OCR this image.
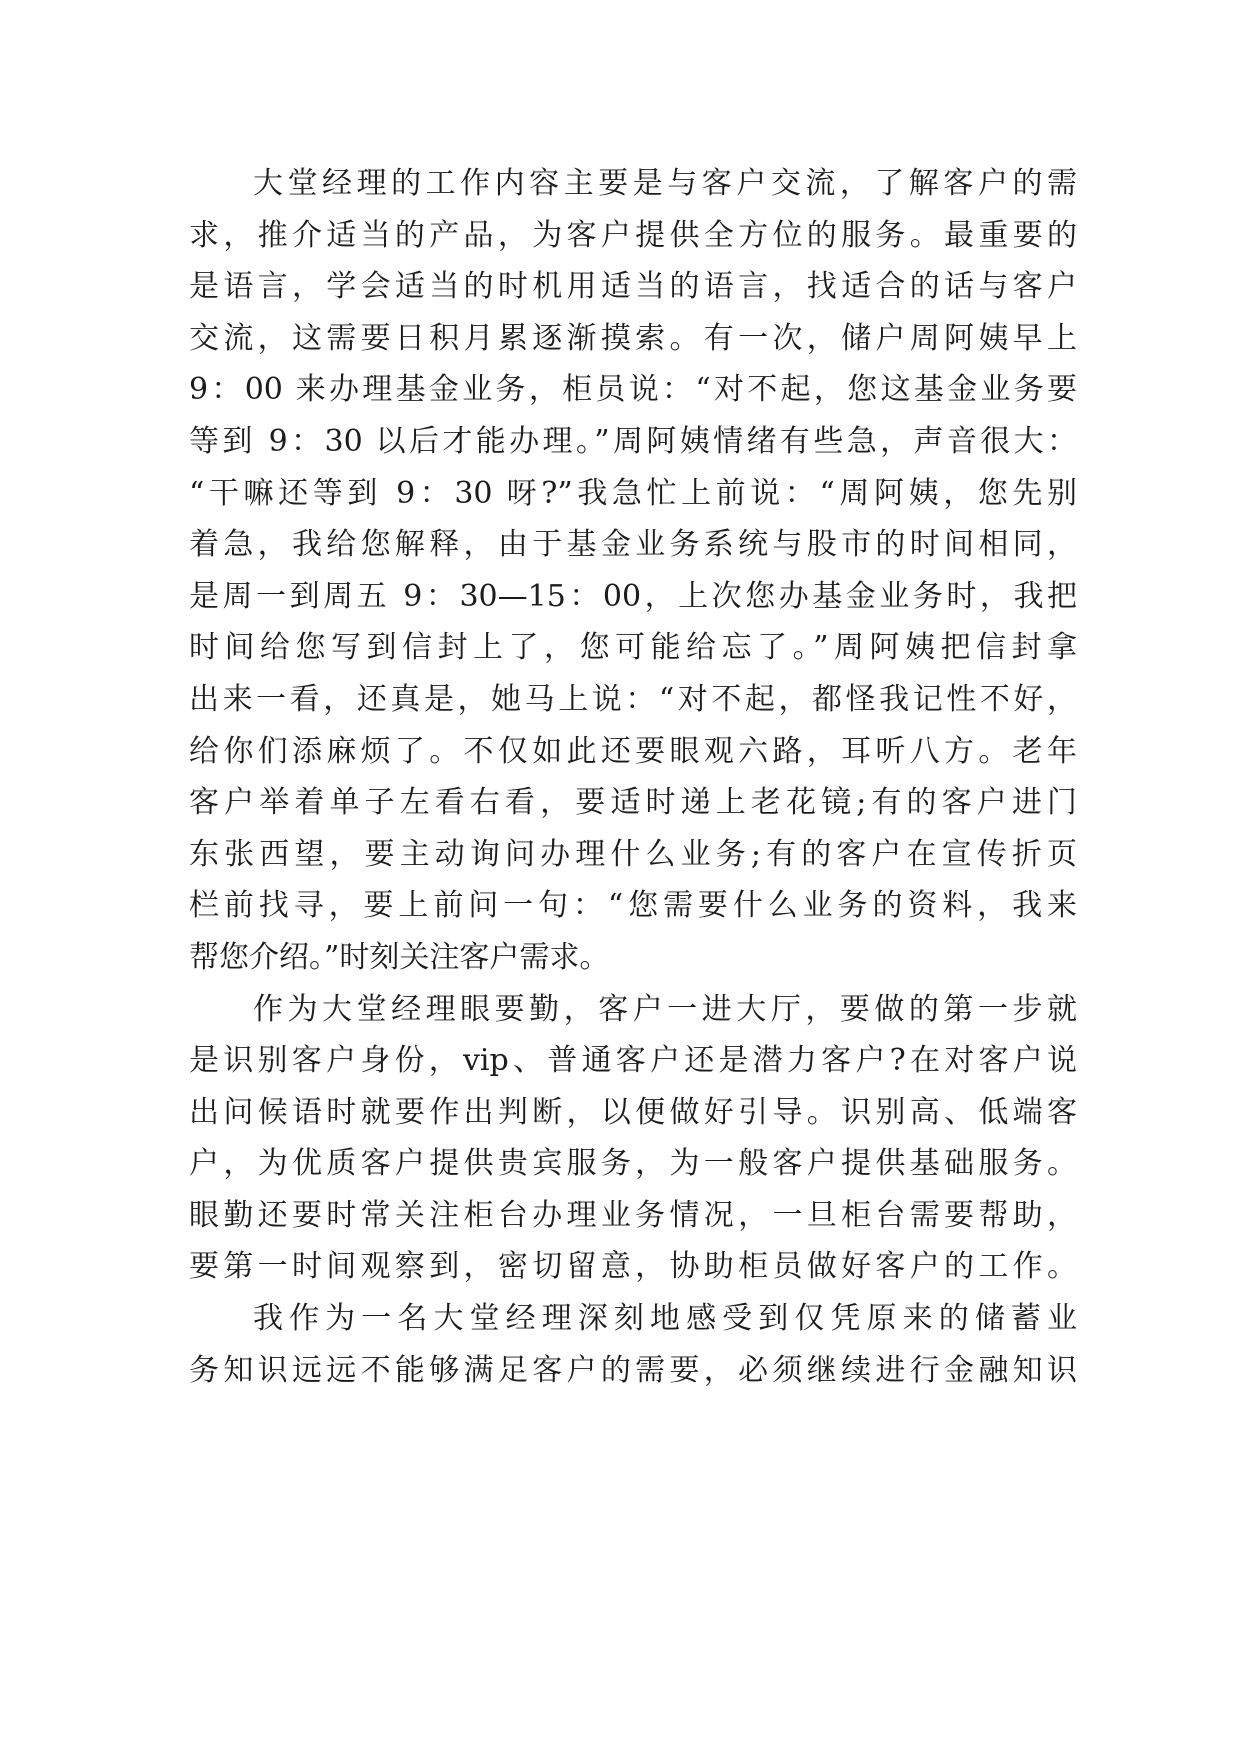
大堂经理的工作内容主要是与客户交流，了解客户的需
求，推介适当的产品，为客户提供全方位的服务。最重要的
是语言，学会适当的时机用适当的语言，找适合的话与客户
交流，这需要日积月累逐渐摸索。有一次，储户周阿姨早上
9：00 来办理基金业务，柜员说：“对不起，您这基金业务要
等到 9：30 以后才能办理。”周阿姨情绪有些急，声音很大：
“干嘛还等到 9：30 呀?”我急忙上前说：“周阿姨，您先别
着急，我给您解释，由于基金业务系统与股市的时间相同，
是周一到周五 9：30—15：00，上次您办基金业务时，我把
时间给您写到信封上了，您可能给忘了。”周阿姨把信封拿
出来一看，还真是，她马上说：“对不起，都怪我记性不好，
给你们添麻烦了。不仅如此还要眼观六路，耳听八方。老年
客户举着单子左看右看，要适时递上老花镜;有的客户进门
东张西望，要主动询问办理什么业务;有的客户在宣传折页
栏前找寻，要上前问一句：“您需要什么业务的资料，我来
帮您介绍。”时刻关注客户需求。
作为大堂经理眼要勤，客户一进大厅，要做的第一步就
是识别客户身份，vip、普通客户还是潜力客户?在对客户说
出问候语时就要作出判断，以便做好引导。识别高、低端客
户，为优质客户提供贵宾服务，为一般客户提供基础服务。
眼勤还要时常关注柜台办理业务情况，一旦柜台需要帮助，
要第一时间观察到，密切留意，协助柜员做好客户的工作。
我作为一名大堂经理深刻地感受到仅凭原来的储蓄业
务知识远远不能够满足客户的需要，必须继续进行金融知识
